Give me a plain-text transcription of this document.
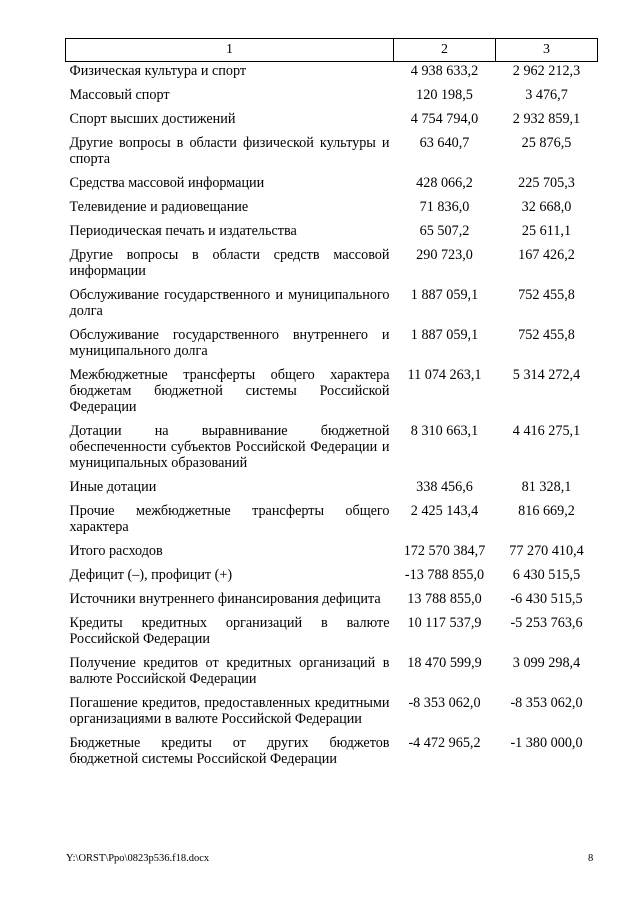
1	2	3
Физическая культура и спорт	4 938 633,2	2 962 212,3
Массовый спорт	120 198,5	3 476,7
Спорт высших достижений	4 754 794,0	2 932 859,1
Другие вопросы в области физической культуры и спорта	63 640,7	25 876,5
Средства массовой информации	428 066,2	225 705,3
Телевидение и радиовещание	71 836,0	32 668,0
Периодическая печать и издательства	65 507,2	25 611,1
Другие вопросы в области средств массовой информации	290 723,0	167 426,2
Обслуживание государственного и муниципального долга	1 887 059,1	752 455,8
Обслуживание государственного внутреннего и муниципального долга	1 887 059,1	752 455,8
Межбюджетные трансферты общего характера бюджетам бюджетной системы Российской Федерации	11 074 263,1	5 314 272,4
Дотации на выравнивание бюджетной обеспеченности субъектов Российской Федерации и муниципальных образований	8 310 663,1	4 416 275,1
Иные дотации	338 456,6	81 328,1
Прочие межбюджетные трансферты общего характера	2 425 143,4	816 669,2
Итого расходов	172 570 384,7	77 270 410,4
Дефицит (–), профицит (+)	-13 788 855,0	6 430 515,5
Источники внутреннего финансирования дефицита	13 788 855,0	-6 430 515,5
Кредиты кредитных организаций в валюте Российской Федерации	10 117 537,9	-5 253 763,6
Получение кредитов от кредитных организаций в валюте Российской Федерации	18 470 599,9	3 099 298,4
Погашение кредитов, предоставленных кредитными организациями в валюте Российской Федерации	-8 353 062,0	-8 353 062,0
Бюджетные кредиты от других бюджетов бюджетной системы Российской Федерации	-4 472 965,2	-1 380 000,0
Y:\ORST\Ppo\0823p536.f18.docx	8
